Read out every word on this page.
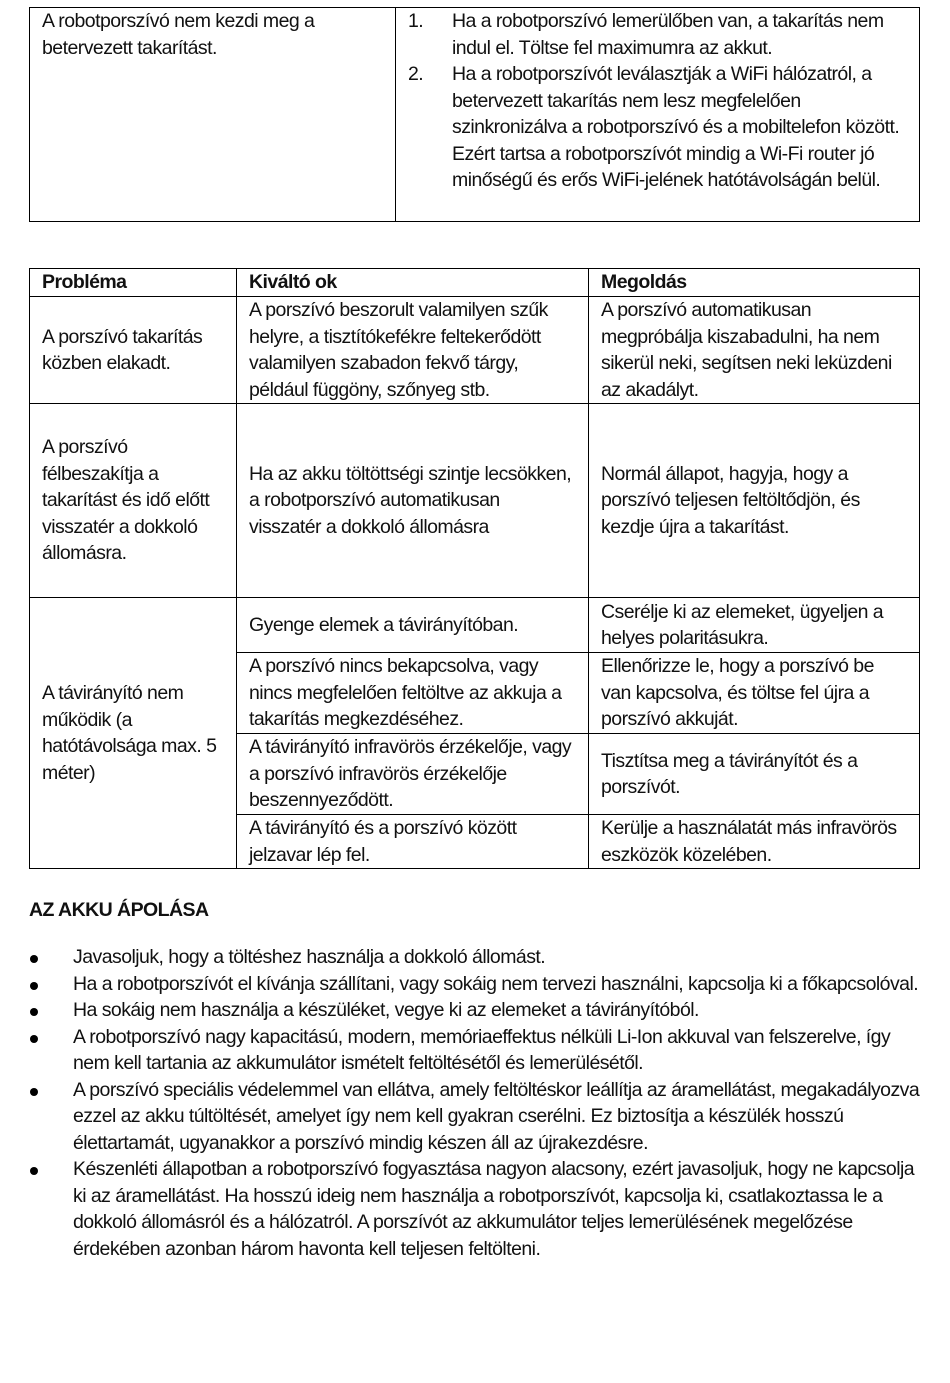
A robotporszívó nem kezdi meg a betervezett takarítást.	
1.	Ha a robotporszívó lemerülőben van, a takarítás nem indul el. Töltse fel maximumra az akkut.
2.	Ha a robotporszívót leválasztják a WiFi hálózatról, a betervezett takarítás nem lesz megfelelően szinkronizálva a robotporszívó és a mobiltelefon között. Ezért tartsa a robotporszívót mindig a Wi-Fi router jó minőségű és erős WiFi-jelének hatótávolságán belül.
Probléma	Kiváltó ok	Megoldás
A porszívó takarítás közben elakadt.	A porszívó beszorult valamilyen szűk helyre, a tisztítókefékre feltekerődött valamilyen szabadon fekvő tárgy, például függöny, szőnyeg stb.	A porszívó automatikusan megpróbálja kiszabadulni, ha nem sikerül neki, segítsen neki leküzdeni az akadályt.
A porszívó félbeszakítja a takarítást és idő előtt visszatér a dokkoló állomásra.	Ha az akku töltöttségi szintje lecsökken, a robotporszívó automatikusan visszatér a dokkoló állomásra	Normál állapot, hagyja, hogy a porszívó teljesen feltöltődjön, és kezdje újra a takarítást.
A távirányító nem működik (a hatótávolsága max. 5 méter)	Gyenge elemek a távirányítóban.	Cserélje ki az elemeket, ügyeljen a helyes polaritásukra.
	A porszívó nincs bekapcsolva, vagy nincs megfelelően feltöltve az akkuja a takarítás megkezdéséhez.	Ellenőrizze le, hogy a porszívó be van kapcsolva, és töltse fel újra a porszívó akkuját.
	A távirányító infravörös érzékelője, vagy a porszívó infravörös érzékelője beszennyeződött.	Tisztítsa meg a távirányítót és a porszívót.
	A távirányító és a porszívó között jelzavar lép fel.	Kerülje a használatát más infravörös eszközök közelében.
AZ AKKU ÁPOLÁSA
Javasoljuk, hogy a töltéshez használja a dokkoló állomást.
Ha a robotporszívót el kívánja szállítani, vagy sokáig nem tervezi használni, kapcsolja ki a főkapcsolóval.
Ha sokáig nem használja a készüléket, vegye ki az elemeket a távirányítóból.
A robotporszívó nagy kapacitású, modern, memóriaeffektus nélküli Li-Ion akkuval van felszerelve, így nem kell tartania az akkumulátor ismételt feltöltésétől és lemerülésétől.
A porszívó speciális védelemmel van ellátva, amely feltöltéskor leállítja az áramellátást, megakadályozva ezzel az akku túltöltését, amelyet így nem kell gyakran cserélni. Ez biztosítja a készülék hosszú élettartamát, ugyanakkor a porszívó mindig készen áll az újrakezdésre.
Készenléti állapotban a robotporszívó fogyasztása nagyon alacsony, ezért javasoljuk, hogy ne kapcsolja ki az áramellátást. Ha hosszú ideig nem használja a robotporszívót, kapcsolja ki, csatlakoztassa le a dokkoló állomásról és a hálózatról. A porszívót az akkumulátor teljes lemerülésének megelőzése érdekében azonban három havonta kell teljesen feltölteni.
